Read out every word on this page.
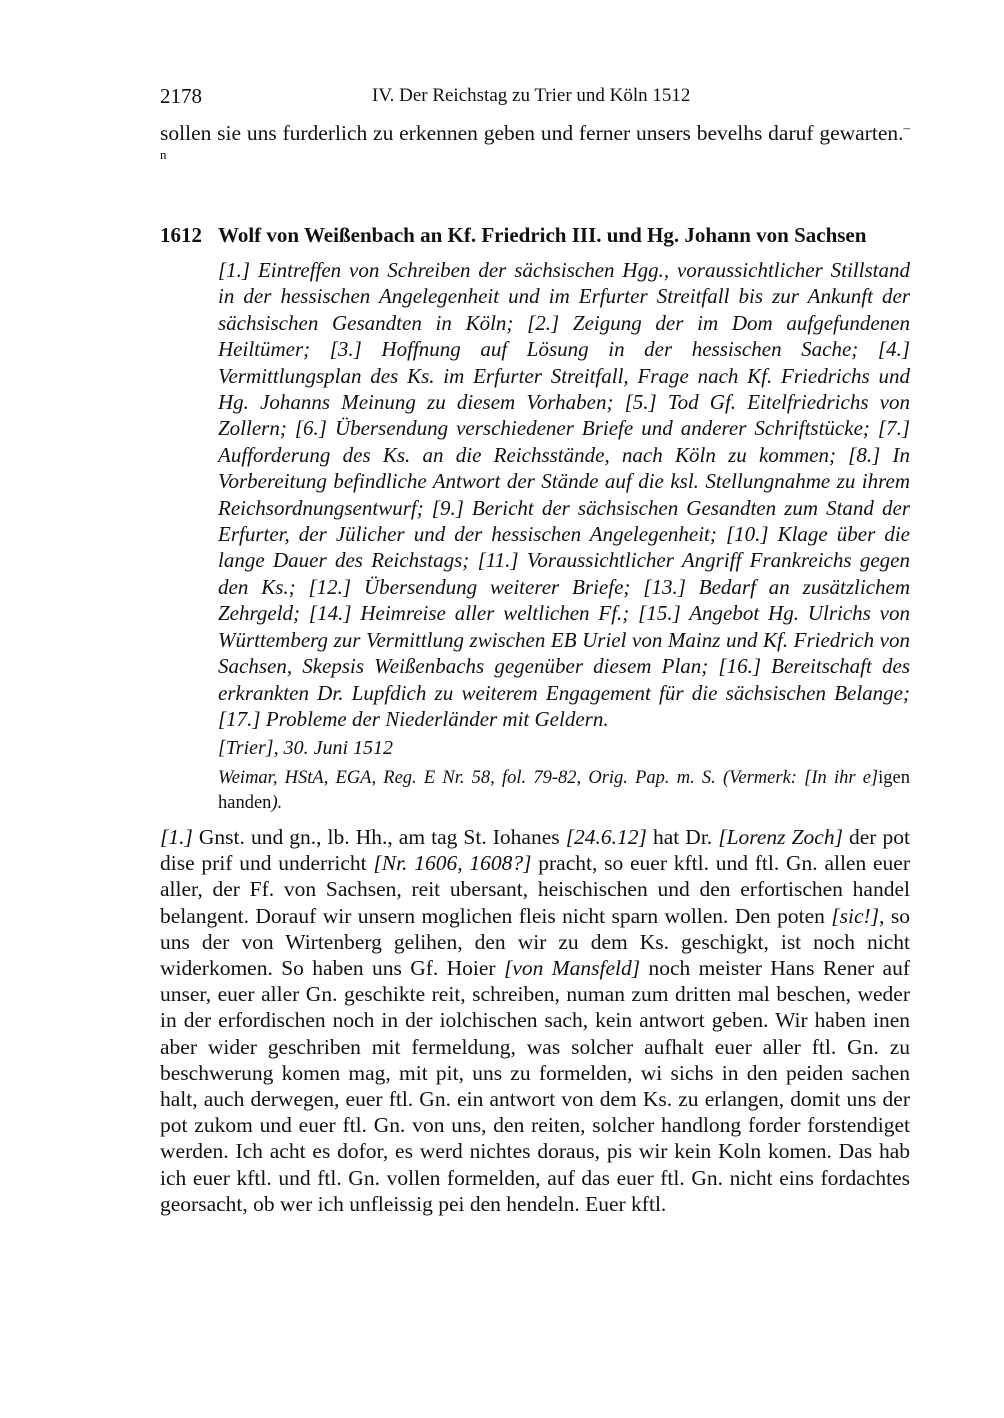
2178	IV. Der Reichstag zu Trier und Köln 1512
sollen sie uns furderlich zu erkennen geben und ferner unsers bevelhs daruf gewarten.$^{-n}$
1612 Wolf von Weißenbach an Kf. Friedrich III. und Hg. Johann von Sachsen
[1.] Eintreffen von Schreiben der sächsischen Hgg., voraussichtlicher Stillstand in der hessischen Angelegenheit und im Erfurter Streitfall bis zur Ankunft der sächsischen Gesandten in Köln; [2.] Zeigung der im Dom aufgefundenen Heiltümer; [3.] Hoffnung auf Lösung in der hessischen Sache; [4.] Vermittlungsplan des Ks. im Erfurter Streitfall, Frage nach Kf. Friedrichs und Hg. Johanns Meinung zu diesem Vorhaben; [5.] Tod Gf. Eitelfriedrichs von Zollern; [6.] Übersendung verschiedener Briefe und anderer Schriftstücke; [7.] Aufforderung des Ks. an die Reichsstände, nach Köln zu kommen; [8.] In Vorbereitung befindliche Antwort der Stände auf die ksl. Stellungnahme zu ihrem Reichsordnungsentwurf; [9.] Bericht der sächsischen Gesandten zum Stand der Erfurter, der Jülicher und der hessischen Angelegenheit; [10.] Klage über die lange Dauer des Reichstags; [11.] Voraussichtlicher Angriff Frankreichs gegen den Ks.; [12.] Übersendung weiterer Briefe; [13.] Bedarf an zusätzlichem Zehrgeld; [14.] Heimreise aller weltlichen Ff.; [15.] Angebot Hg. Ulrichs von Württemberg zur Vermittlung zwischen EB Uriel von Mainz und Kf. Friedrich von Sachsen, Skepsis Weißenbachs gegenüber diesem Plan; [16.] Bereitschaft des erkrankten Dr. Lupfdich zu weiterem Engagement für die sächsischen Belange; [17.] Probleme der Niederländer mit Geldern.
[Trier], 30. Juni 1512
Weimar, HStA, EGA, Reg. E Nr. 58, fol. 79-82, Orig. Pap. m. S. (Vermerk: [In ihr e]igen handen).
[1.] Gnst. und gn., lb. Hh., am tag St. Iohanes [24.6.12] hat Dr. [Lorenz Zoch] der pot dise prif und underricht [Nr. 1606, 1608?] pracht, so euer kftl. und ftl. Gn. allen euer aller, der Ff. von Sachsen, reit ubersant, heischischen und den erfortischen handel belangent. Dorauf wir unsern moglichen fleis nicht sparn wollen. Den poten [sic!], so uns der von Wirtenberg gelihen, den wir zu dem Ks. geschigkt, ist noch nicht widerkomen. So haben uns Gf. Hoier [von Mansfeld] noch meister Hans Rener auf unser, euer aller Gn. geschikte reit, schreiben, numan zum dritten mal beschen, weder in der erfordischen noch in der iolchischen sach, kein antwort geben. Wir haben inen aber wider geschriben mit fermeldung, was solcher aufhalt euer aller ftl. Gn. zu beschwerung komen mag, mit pit, uns zu formelden, wi sichs in den peiden sachen halt, auch derwegen, euer ftl. Gn. ein antwort von dem Ks. zu erlangen, domit uns der pot zukom und euer ftl. Gn. von uns, den reiten, solcher handlong forder forstendiget werden. Ich acht es dofor, es werd nichtes doraus, pis wir kein Koln komen. Das hab ich euer kftl. und ftl. Gn. vollen formelden, auf das euer ftl. Gn. nicht eins fordachtes georsacht, ob wer ich unfleissig pei den hendeln. Euer kftl.
